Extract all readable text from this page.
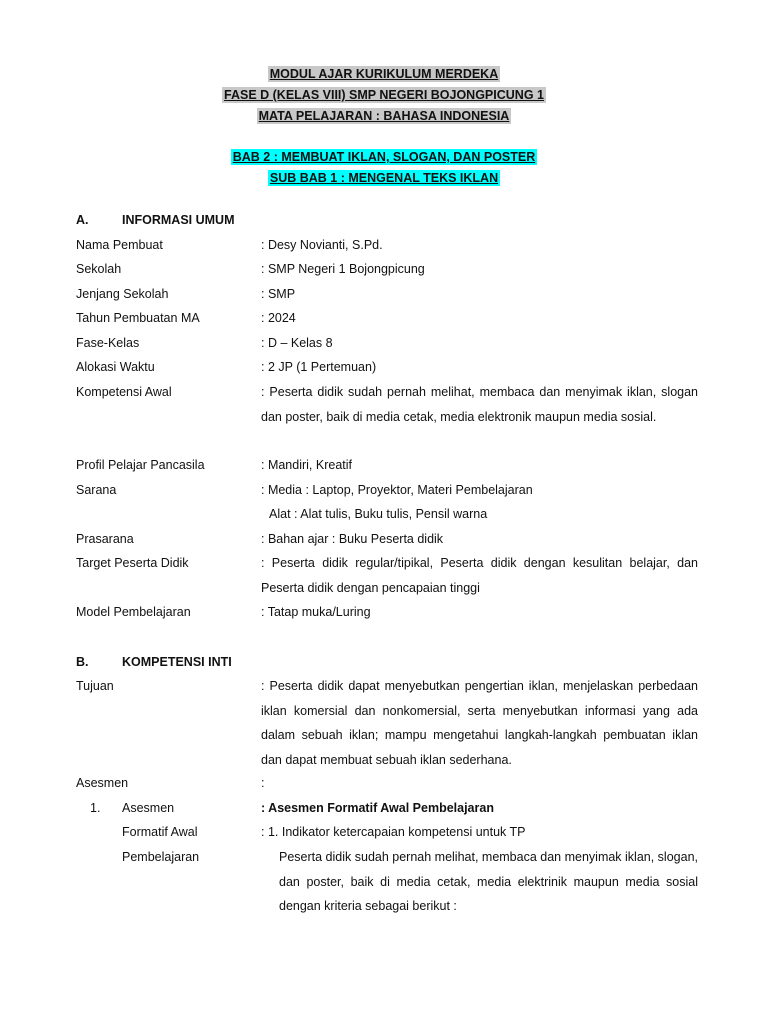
MODUL AJAR KURIKULUM MERDEKA
FASE D (KELAS VIII) SMP NEGERI BOJONGPICUNG 1
MATA PELAJARAN : BAHASA INDONESIA
BAB 2 : MEMBUAT IKLAN, SLOGAN, DAN POSTER
SUB BAB 1 : MENGENAL TEKS IKLAN
A.	INFORMASI UMUM
Nama Pembuat	: Desy Novianti, S.Pd.
Sekolah	: SMP Negeri 1 Bojongpicung
Jenjang Sekolah	: SMP
Tahun Pembuatan MA	: 2024
Fase-Kelas	: D – Kelas 8
Alokasi Waktu	: 2 JP (1 Pertemuan)
Kompetensi Awal	: Peserta didik sudah pernah melihat, membaca dan menyimak iklan, slogan dan poster, baik di media cetak, media elektronik maupun media sosial.
Profil Pelajar Pancasila	: Mandiri, Kreatif
Sarana	: Media : Laptop, Proyektor, Materi Pembelajaran
Alat : Alat tulis, Buku tulis, Pensil warna
Prasarana	: Bahan ajar : Buku Peserta didik
Target Peserta Didik	: Peserta didik regular/tipikal, Peserta didik dengan kesulitan belajar, dan Peserta didik dengan pencapaian tinggi
Model Pembelajaran	: Tatap muka/Luring
B.	KOMPETENSI INTI
Tujuan	: Peserta didik dapat menyebutkan pengertian iklan, menjelaskan perbedaan iklan komersial dan nonkomersial, serta menyebutkan informasi yang ada dalam sebuah iklan; mampu mengetahui langkah-langkah pembuatan iklan dan dapat membuat sebuah iklan sederhana.
Asesmen	:
1. Asesmen	: Asesmen Formatif Awal Pembelajaran
Formatif Awal	: 1. Indikator ketercapaian kompetensi untuk TP
Pembelajaran	Peserta didik sudah pernah melihat, membaca dan menyimak iklan, slogan, dan poster, baik di media cetak, media elektrinik maupun media sosial dengan kriteria sebagai berikut :
